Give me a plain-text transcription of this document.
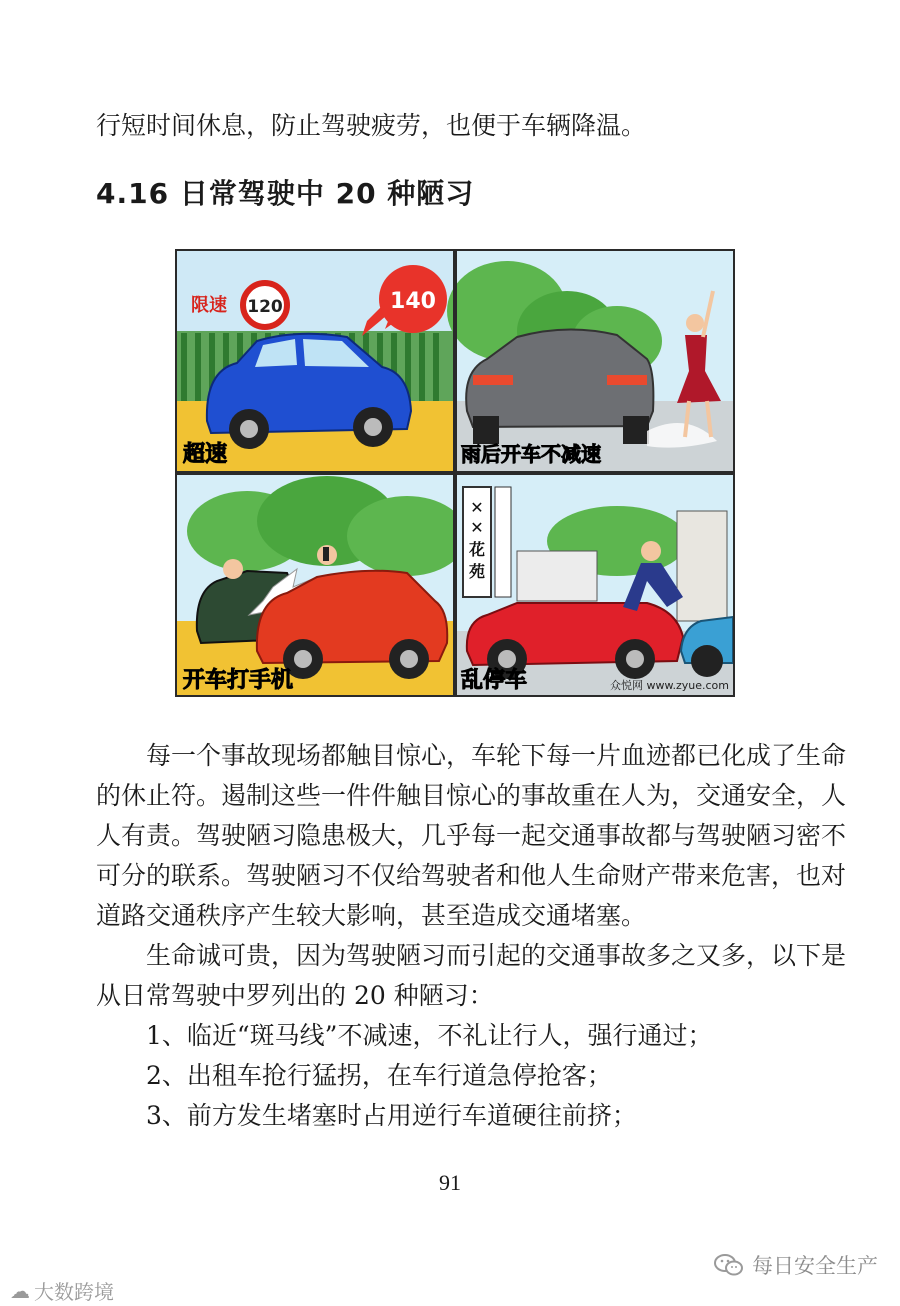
行短时间休息，防止驾驶疲劳，也便于车辆降温。
4.16 日常驾驶中 20 种陋习
限速 120	140
超速	雨后开车不减速
开车打手机
✕
✕
花
苑
乱停车	众悦网 www.zyue.com
每一个事故现场都触目惊心，车轮下每一片血迹都已化成了生命
的休止符。遏制这些一件件触目惊心的事故重在人为，交通安全，人
人有责。驾驶陋习隐患极大，几乎每一起交通事故都与驾驶陋习密不
可分的联系。驾驶陋习不仅给驾驶者和他人生命财产带来危害，也对
道路交通秩序产生较大影响，甚至造成交通堵塞。
生命诚可贵，因为驾驶陋习而引起的交通事故多之又多，以下是
从日常驾驶中罗列出的 20 种陋习：
1、临近“斑马线”不减速，不礼让行人，强行通过；
2、出租车抢行猛拐，在车行道急停抢客；
3、前方发生堵塞时占用逆行车道硬往前挤；
91
☁ 大数跨境
每日安全生产
